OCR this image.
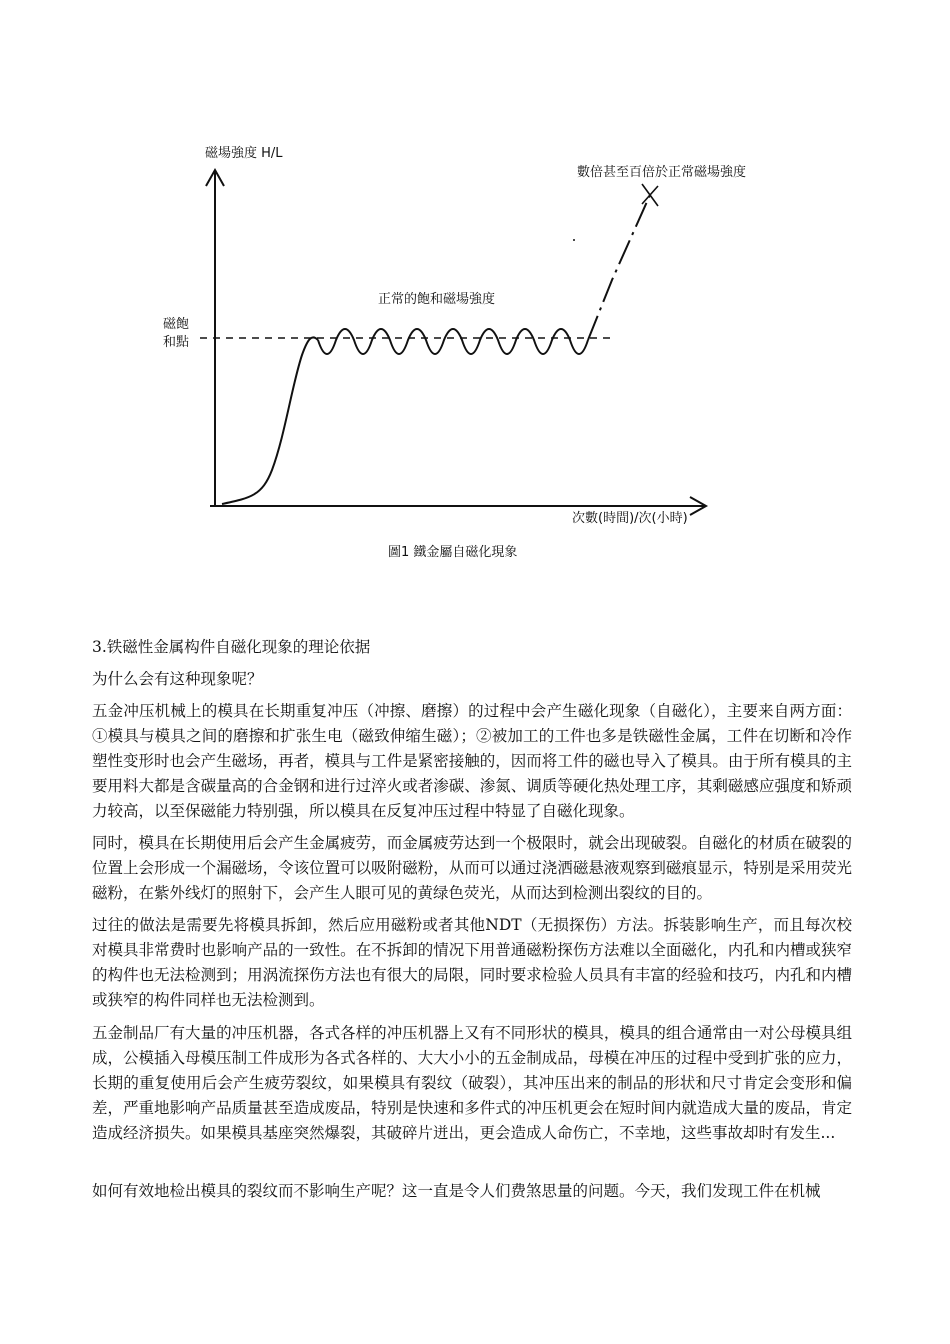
磁場強度 H/L
次數(時間)/次(小時)
磁飽
和點
正常的飽和磁場強度
數倍甚至百倍於正常磁場強度
圖1 鐵金屬自磁化現象
3.铁磁性金属构件自磁化现象的理论依据
为什么会有这种现象呢？
五金冲压机械上的模具在长期重复冲压（冲擦、磨擦）的过程中会产生磁化现象（自磁化），主要来自两方面：①模具与模具之间的磨擦和扩张生电（磁致伸缩生磁）；②被加工的工件也多是铁磁性金属，工件在切断和冷作塑性变形时也会产生磁场，再者，模具与工件是紧密接触的，因而将工件的磁也导入了模具。由于所有模具的主要用料大都是含碳量高的合金钢和进行过淬火或者渗碳、渗氮、调质等硬化热处理工序，其剩磁感应强度和矫顽力较高，以至保磁能力特别强，所以模具在反复冲压过程中特显了自磁化现象。
同时，模具在长期使用后会产生金属疲劳，而金属疲劳达到一个极限时，就会出现破裂。自磁化的材质在破裂的位置上会形成一个漏磁场，令该位置可以吸附磁粉，从而可以通过浇洒磁悬液观察到磁痕显示，特别是采用荧光磁粉，在紫外线灯的照射下，会产生人眼可见的黄绿色荧光，从而达到检测出裂纹的目的。
过往的做法是需要先将模具拆卸，然后应用磁粉或者其他NDT（无损探伤）方法。拆装影响生产，而且每次校对模具非常费时也影响产品的一致性。在不拆卸的情况下用普通磁粉探伤方法难以全面磁化，内孔和内槽或狭窄的构件也无法检测到；用涡流探伤方法也有很大的局限，同时要求检验人员具有丰富的经验和技巧，内孔和内槽或狭窄的构件同样也无法检测到。
五金制品厂有大量的冲压机器，各式各样的冲压机器上又有不同形状的模具，模具的组合通常由一对公母模具组成，公模插入母模压制工件成形为各式各样的、大大小小的五金制成品，母模在冲压的过程中受到扩张的应力，长期的重复使用后会产生疲劳裂纹，如果模具有裂纹（破裂），其冲压出来的制品的形状和尺寸肯定会变形和偏差，严重地影响产品质量甚至造成废品，特别是快速和多件式的冲压机更会在短时间内就造成大量的废品，肯定造成经济损失。如果模具基座突然爆裂，其破碎片迸出，更会造成人命伤亡，不幸地，这些事故却时有发生...
如何有效地检出模具的裂纹而不影响生产呢？这一直是令人们费煞思量的问题。今天，我们发现工件在机械
